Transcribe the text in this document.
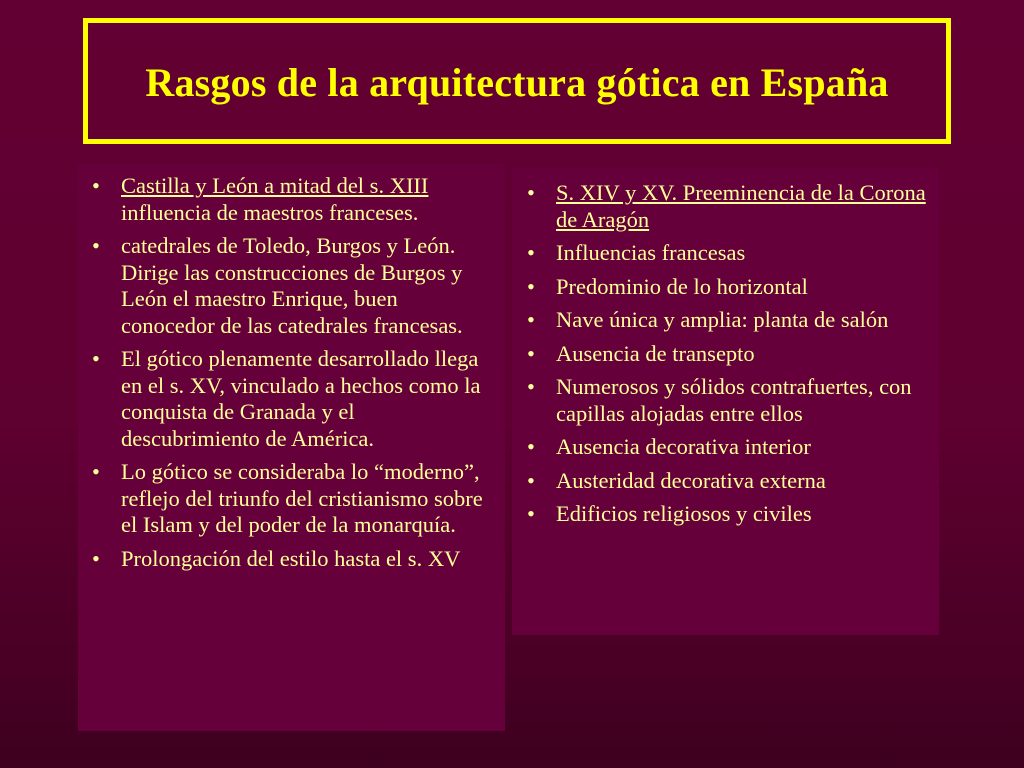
Rasgos de la arquitectura gótica en España
• Castilla y León a mitad del s. XIII influencia de maestros franceses.
• catedrales de Toledo, Burgos y León. Dirige las construcciones de Burgos y León el maestro Enrique, buen conocedor de las catedrales francesas.
• El gótico plenamente desarrollado llega en el s. XV, vinculado a hechos como la conquista de Granada y el descubrimiento de América.
• Lo gótico se consideraba lo “moderno”, reflejo del triunfo del cristianismo sobre el Islam y del poder de la monarquía.
• Prolongación del estilo hasta el s. XV
• S. XIV y XV. Preeminencia de la Corona de Aragón
• Influencias francesas
• Predominio de lo horizontal
• Nave única y amplia: planta de salón
• Ausencia de transepto
• Numerosos y sólidos contrafuertes, con capillas alojadas entre ellos
• Ausencia decorativa interior
• Austeridad decorativa externa
• Edificios religiosos y civiles
